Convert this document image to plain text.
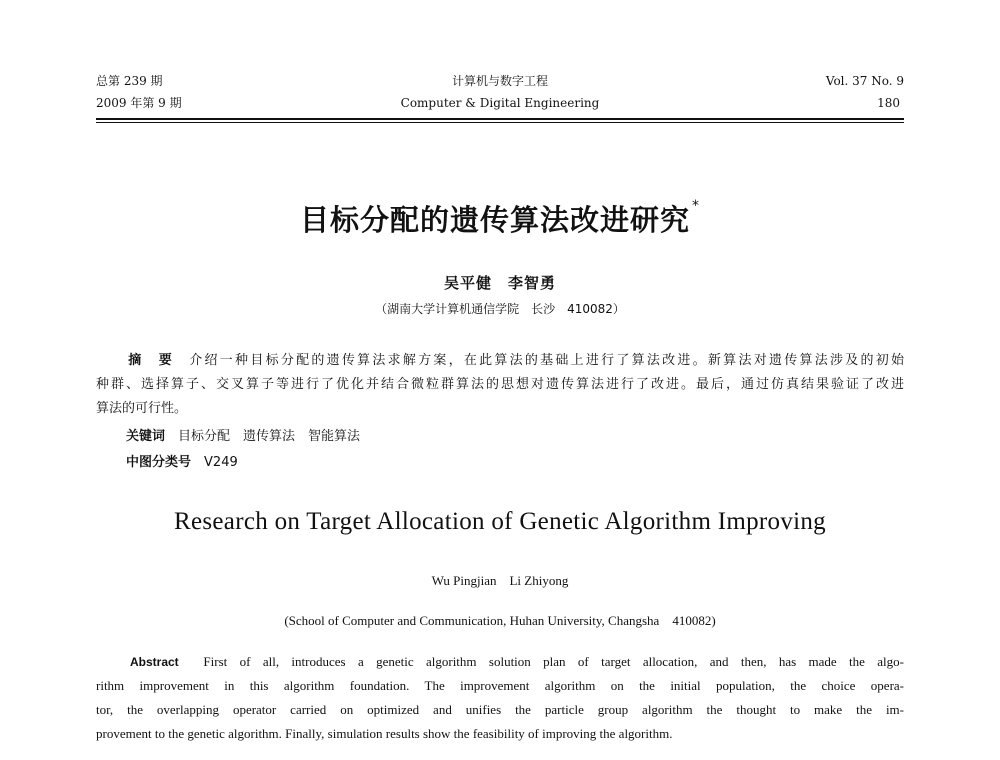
总第 239 期
2009 年第 9 期
计算机与数字工程
Computer & Digital Engineering
Vol. 37 No. 9
180
目标分配的遗传算法改进研究 *
吴平健　李智勇
（湖南大学计算机通信学院　长沙　410082）
摘　要　 介绍一种目标分配的遗传算法求解方案，在此算法的基础上进行了算法改进。新算法对遗传算法涉及的初始
种群、选择算子、交叉算子等进行了优化并结合微粒群算法的思想对遗传算法进行了改进。最后，通过仿真结果验证了改进
算法的可行性。
关键词　 目标分配　遗传算法　智能算法
中图分类号　 V249
Research on Target Allocation of Genetic Algorithm Improving
Wu Pingjian　Li Zhiyong
(School of Computer and Communication, Huhan University, Changsha　410082)
Abstract First of all, introduces a genetic algorithm solution plan of target allocation, and then, has made the algo-
rithm improvement in this algorithm foundation. The improvement algorithm on the initial population, the choice opera-
tor, the overlapping operator carried on optimized and unifies the particle group algorithm the thought to make the im-
provement to the genetic algorithm. Finally, simulation results show the feasibility of improving the algorithm.
